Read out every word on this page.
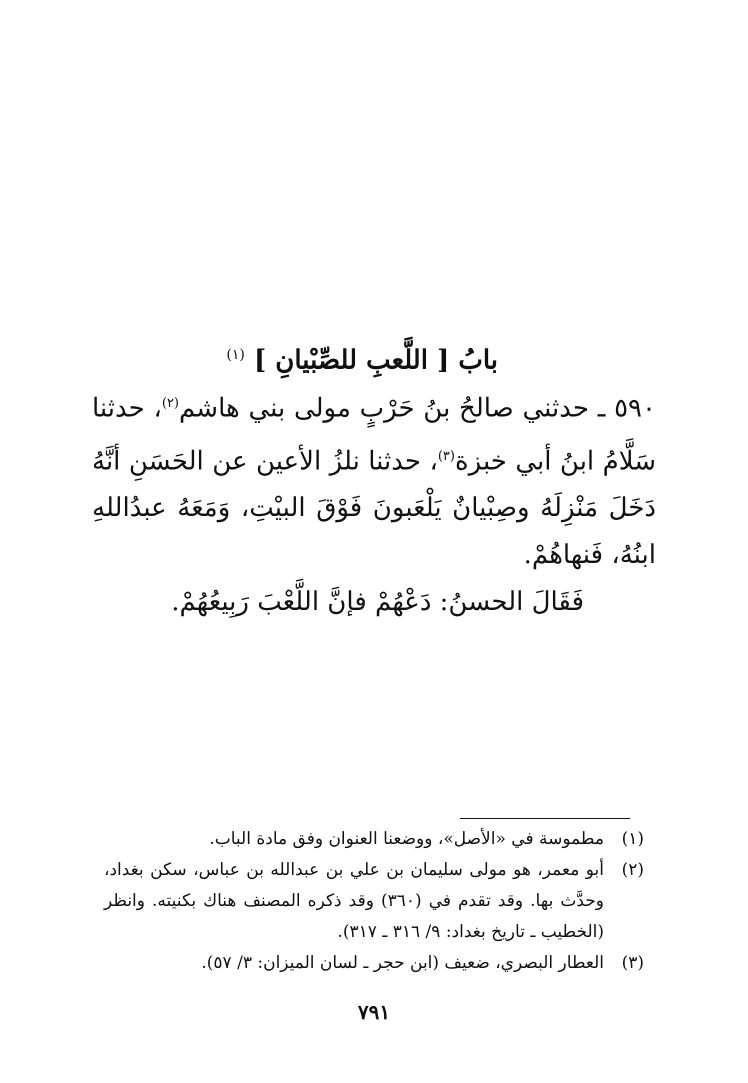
بابُ [ اللَّعبِ للصِّبْيانِ ] $^{(١)}$

٥٩٠ ـ حدثني صالحُ بنُ حَرْبٍ مولى بني هاشم$^{(٢)}$، حدثنا سَلَّامُ ابنُ أبي خبزة$^{(٣)}$، حدثنا نلزُ الأعين عن الحَسَنِ أنَّهُ دَخَلَ مَنْزِلَهُ وصِبْيانٌ يَلْعَبونَ فَوْقَ البيْتِ، وَمَعَهُ عبدُاللهِ ابنُهُ، فَنهاهُمْ.

فَقَالَ الحسنُ: دَعْهُمْ فإنَّ اللَّعْبَ رَبِيعُهُمْ.

(١)
مطموسة في «الأصل»، ووضعنا العنوان وفق مادة الباب.

(٢)
أبو معمر، هو مولى سليمان بن علي بن عبدالله بن عباس، سكن بغداد، وحدَّث بها. وقد تقدم في (٣٦٠) وقد ذكره المصنف هناك بكنيته. وانظر (الخطيب ـ تاريخ بغداد: ٩/ ٣١٦ ـ ٣١٧).

(٣)
العطار البصري، ضعيف (ابن حجر ـ لسان الميزان: ٣/ ٥٧).

٧٩١
